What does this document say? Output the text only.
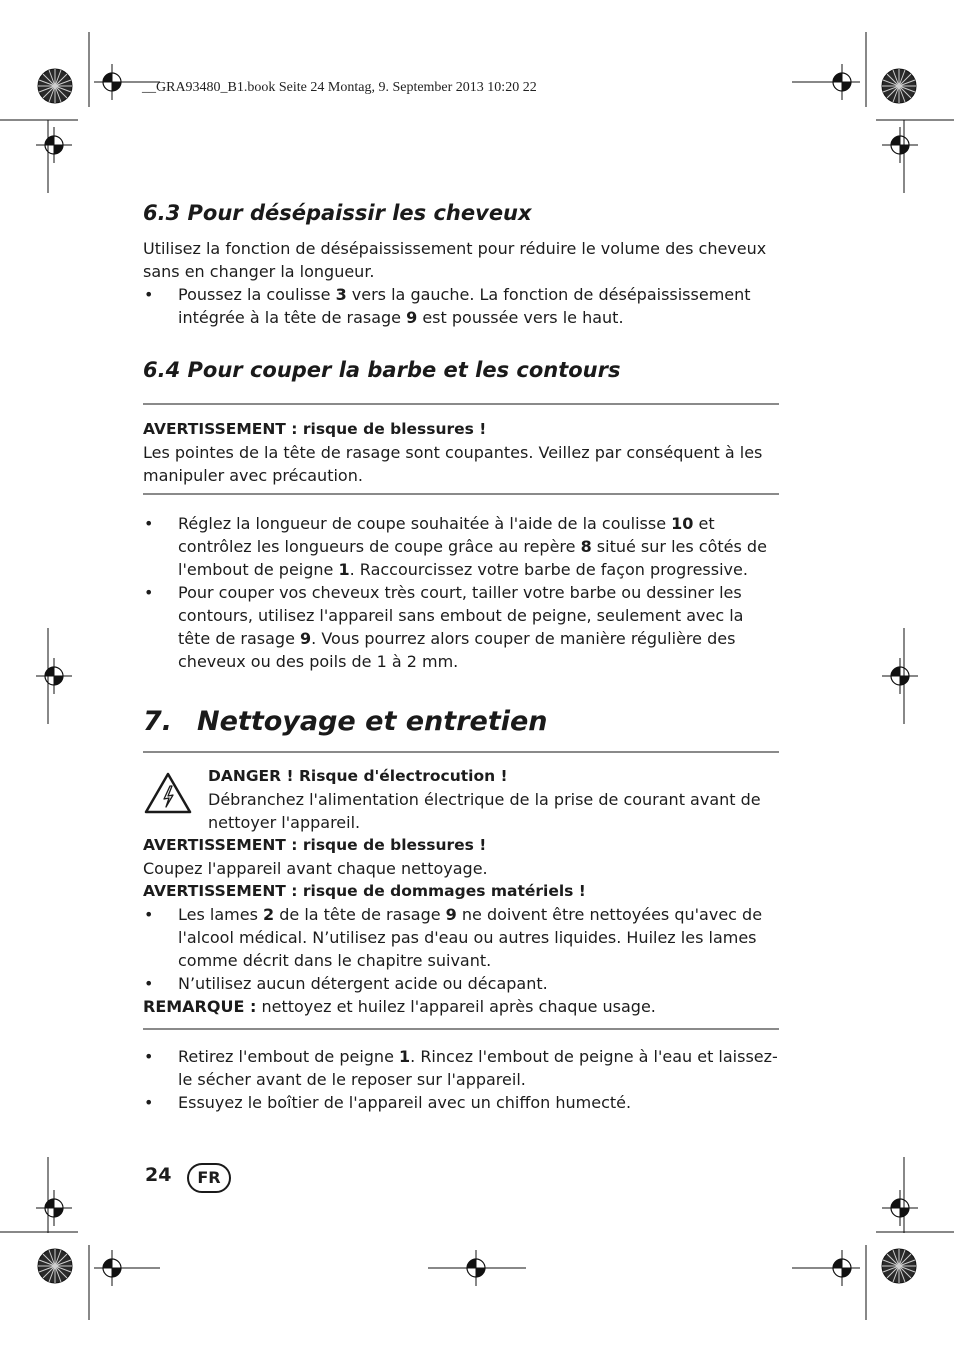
__GRA93480_B1.book Seite 24 Montag, 9. September 2013 10:20 22
6.3 Pour désépaissir les cheveux

Utilisez la fonction de désépaississement pour réduire le volume des cheveux sans en changer la longueur.

• Poussez la coulisse 3 vers la gauche. La fonction de désépaississement intégrée à la tête de rasage 9 est poussée vers le haut.
6.4 Pour couper la barbe et les contours

AVERTISSEMENT : risque de blessures !

Les pointes de la tête de rasage sont coupantes. Veillez par conséquent à les manipuler avec précaution.

• Réglez la longueur de coupe souhaitée à l'aide de la coulisse 10 et contrôlez les longueurs de coupe grâce au repère 8 situé sur les côtés de l'embout de peigne 1. Raccourcissez votre barbe de façon progressive.
• Pour couper vos cheveux très court, tailler votre barbe ou dessiner les contours, utilisez l'appareil sans embout de peigne, seulement avec la tête de rasage 9. Vous pourrez alors couper de manière régulière des cheveux ou des poils de 1 à 2 mm.
7. Nettoyage et entretien

DANGER ! Risque d'électrocution !

Débranchez l'alimentation électrique de la prise de courant avant de nettoyer l'appareil.

AVERTISSEMENT : risque de blessures !

Coupez l'appareil avant chaque nettoyage.

AVERTISSEMENT : risque de dommages matériels !

• Les lames 2 de la tête de rasage 9 ne doivent être nettoyées qu'avec de l'alcool médical. N’utilisez pas d'eau ou autres liquides. Huilez les lames comme décrit dans le chapitre suivant.
• N’utilisez aucun détergent acide ou décapant.

REMARQUE : nettoyez et huilez l'appareil après chaque usage.

• Retirez l'embout de peigne 1. Rincez l'embout de peigne à l'eau et laissez-le sécher avant de le reposer sur l'appareil.
• Essuyez le boîtier de l'appareil avec un chiffon humecté.
24	FR
